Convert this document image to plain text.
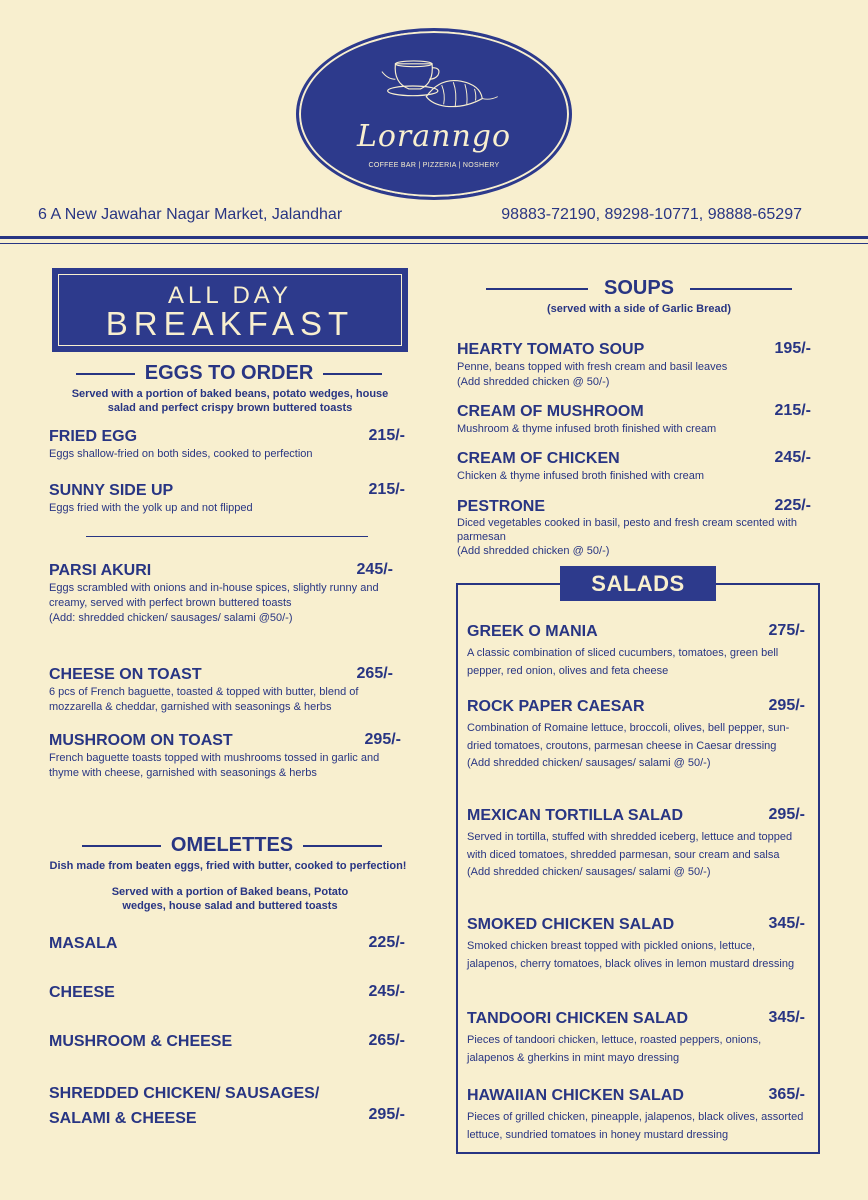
Loranngo
COFFEE BAR | PIZZERIA | NOSHERY
6 A New Jawahar Nagar Market, Jalandhar	98883-72190, 89298-10771, 98888-65297
ALL DAY
BREAKFAST
EGGS TO ORDER
Served with a portion of baked beans, potato wedges, house salad and perfect crispy brown buttered toasts
FRIED EGG	215/-
Eggs shallow-fried on both sides, cooked to perfection
SUNNY SIDE UP	215/-
Eggs fried with the yolk up and not flipped
PARSI AKURI	245/-
Eggs scrambled with onions and in-house spices, slightly runny and creamy, served with perfect brown buttered toasts
(Add: shredded chicken/ sausages/ salami @50/-)
CHEESE ON TOAST	265/-
6 pcs of French baguette, toasted & topped with butter, blend of mozzarella & cheddar, garnished with seasonings & herbs
MUSHROOM ON TOAST	295/-
French baguette toasts topped with mushrooms tossed in garlic and thyme with cheese, garnished with seasonings & herbs
OMELETTES
Dish made from beaten eggs, fried with butter, cooked to perfection!
Served with a portion of Baked beans, Potato wedges, house salad and buttered toasts
MASALA	225/-
CHEESE	245/-
MUSHROOM & CHEESE	265/-
SHREDDED CHICKEN/ SAUSAGES/
SALAMI & CHEESE	295/-
SOUPS
(served with a side of Garlic Bread)
HEARTY TOMATO SOUP	195/-
Penne, beans topped with fresh cream and basil leaves
(Add shredded chicken @ 50/-)
CREAM OF MUSHROOM	215/-
Mushroom & thyme infused broth finished with cream
CREAM OF CHICKEN	245/-
Chicken & thyme infused broth finished with cream
PESTRONE	225/-
Diced vegetables cooked in basil, pesto and fresh cream scented with parmesan
(Add shredded chicken @ 50/-)
SALADS
GREEK O MANIA	275/-
A classic combination of sliced cucumbers, tomatoes, green bell pepper, red onion, olives and feta cheese
ROCK PAPER CAESAR	295/-
Combination of Romaine lettuce, broccoli, olives, bell pepper, sun-dried tomatoes, croutons, parmesan cheese in Caesar dressing
(Add shredded chicken/ sausages/ salami @ 50/-)
MEXICAN TORTILLA SALAD	295/-
Served in tortilla, stuffed with shredded iceberg, lettuce and topped with diced tomatoes, shredded parmesan, sour cream and salsa
(Add shredded chicken/ sausages/ salami @ 50/-)
SMOKED CHICKEN SALAD	345/-
Smoked chicken breast topped with pickled onions, lettuce, jalapenos, cherry tomatoes, black olives in lemon mustard dressing
TANDOORI CHICKEN SALAD	345/-
Pieces of tandoori chicken, lettuce, roasted peppers, onions, jalapenos & gherkins in mint mayo dressing
HAWAIIAN CHICKEN SALAD	365/-
Pieces of grilled chicken, pineapple, jalapenos, black olives, assorted lettuce, sundried tomatoes in honey mustard dressing
